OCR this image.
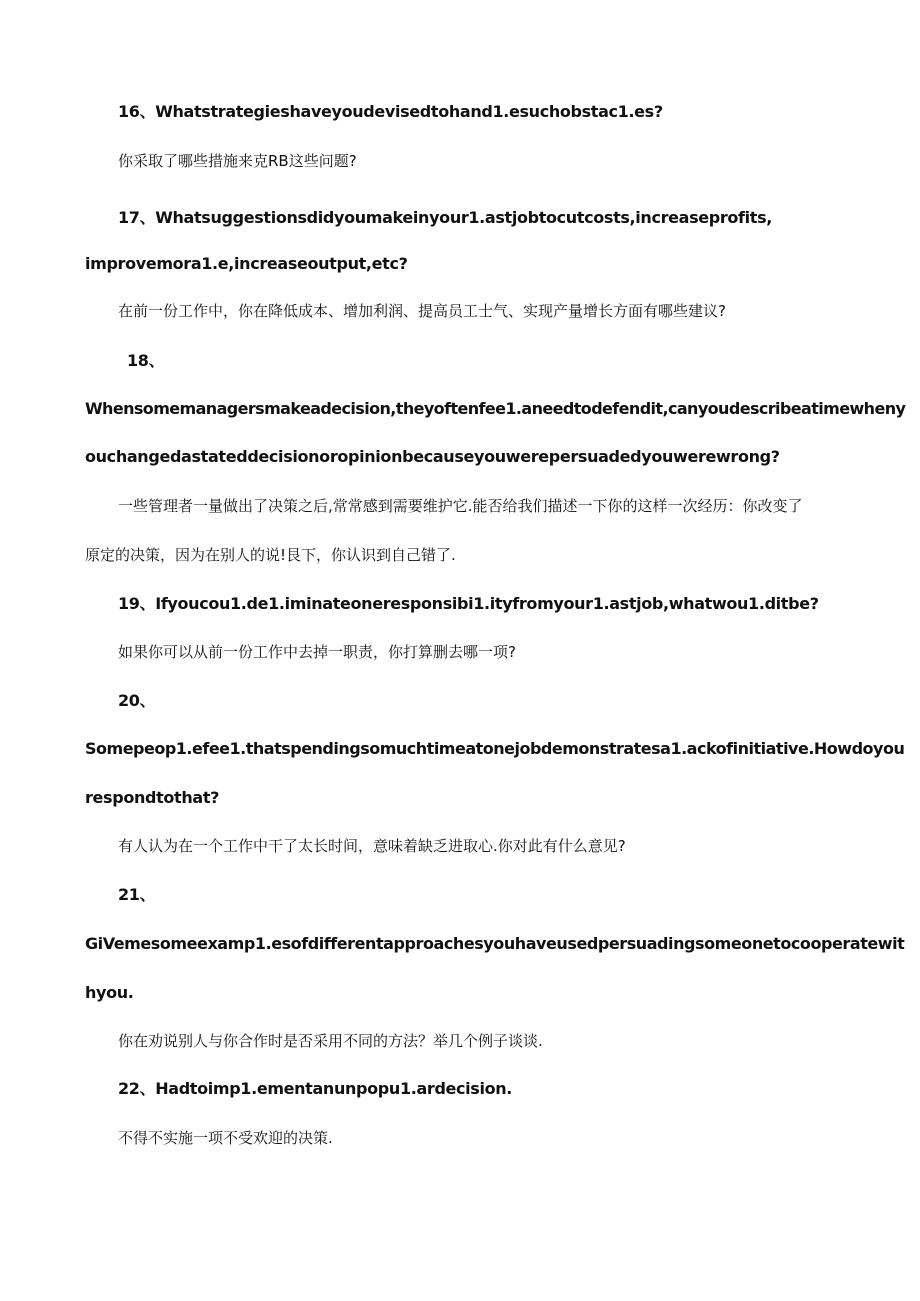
16、Whatstrategieshaveyoudevisedtohand1.esuchobstac1.es?
你采取了哪些措施来克RB这些问题?
17、Whatsuggestionsdidyoumakeinyour1.astjobtocutcosts,increaseprofits,
improvemora1.e,increaseoutput,etc?
在前一份工作中，你在降低成本、增加利润、提高员工士气、实现产量增长方面有哪些建议?
18、
Whensomemanagersmakeadecision,theyoftenfee1.aneedtodefendit,canyoudescribeatimewheny
ouchangedastateddecisionoropinionbecauseyouwerepersuadedyouwerewrong?
一些管理者一量做出了决策之后,常常感到需要维护它.能否给我们描述一下你的这样一次经历：你改变了
原定的决策，因为在别人的说!艮下，你认识到自己错了.
19、Ifyoucou1.de1.iminateoneresponsibi1.ityfromyour1.astjob,whatwou1.ditbe?
如果你可以从前一份工作中去掉一职责，你打算删去哪一项?
20、
Somepeop1.efee1.thatspendingsomuchtimeatonejobdemonstratesa1.ackofinitiative.Howdoyou
respondtothat?
有人认为在一个工作中干了太长时间，意味着缺乏进取心.你对此有什么意见?
21、
GiVemesomeexamp1.esofdifferentapproachesyouhaveusedpersuadingsomeonetocooperatewit
hyou.
你在劝说别人与你合作时是否采用不同的方法？举几个例子谈谈.
22、Hadtoimp1.ementanunpopu1.ardecision.
不得不实施一项不受欢迎的决策.
